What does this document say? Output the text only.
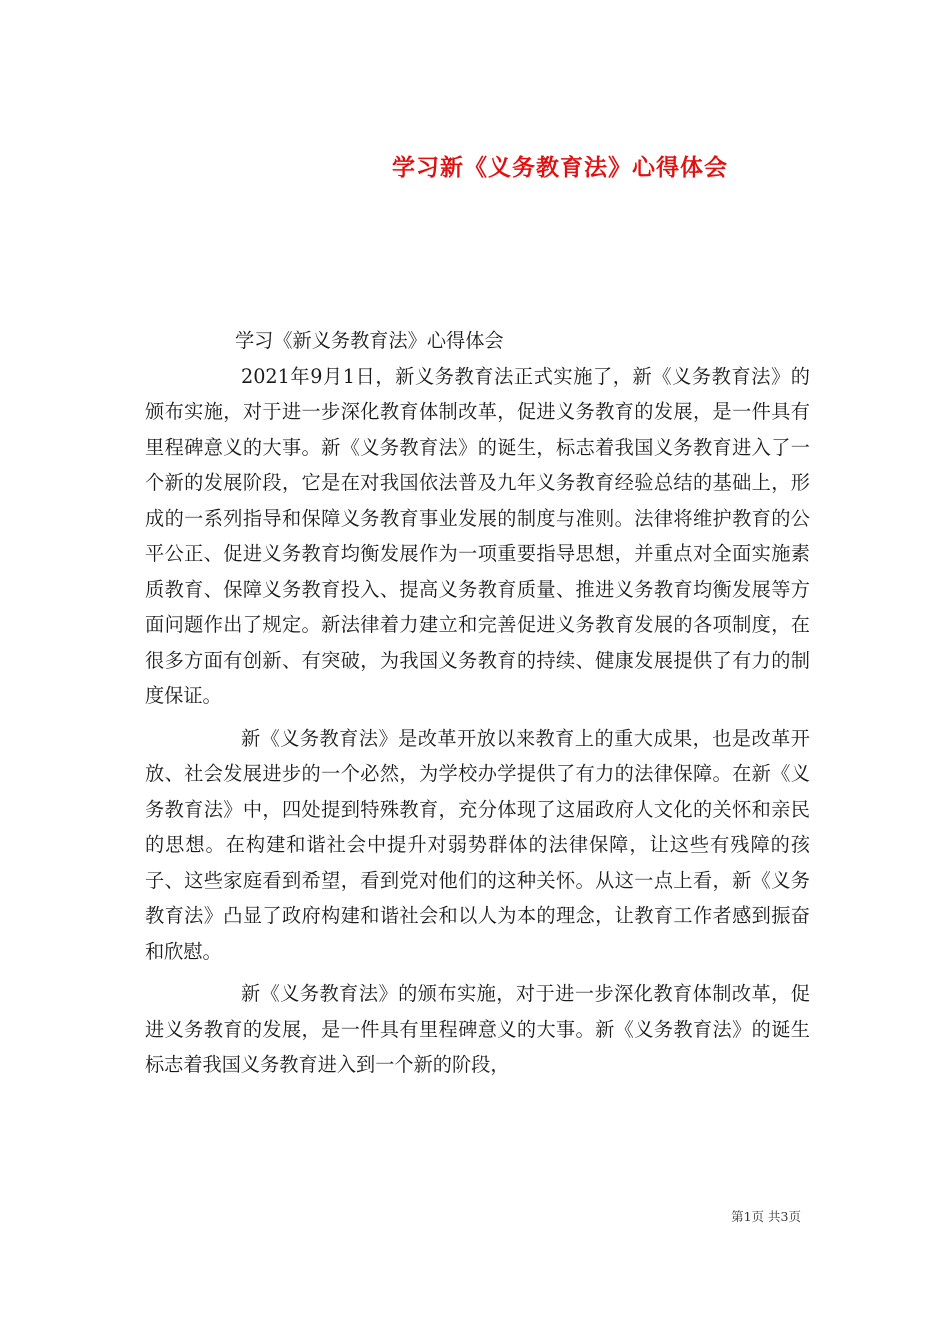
学习新《义务教育法》心得体会

学习《新义务教育法》心得体会

2021年9月1日，新义务教育法正式实施了，新《义务教育法》的颁布实施，对于进一步深化教育体制改革，促进义务教育的发展，是一件具有里程碑意义的大事。新《义务教育法》的诞生，标志着我国义务教育进入了一个新的发展阶段，它是在对我国依法普及九年义务教育经验总结的基础上，形成的一系列指导和保障义务教育事业发展的制度与准则。法律将维护教育的公平公正、促进义务教育均衡发展作为一项重要指导思想，并重点对全面实施素质教育、保障义务教育投入、提高义务教育质量、推进义务教育均衡发展等方面问题作出了规定。新法律着力建立和完善促进义务教育发展的各项制度，在很多方面有创新、有突破，为我国义务教育的持续、健康发展提供了有力的制度保证。

新《义务教育法》是改革开放以来教育上的重大成果，也是改革开放、社会发展进步的一个必然，为学校办学提供了有力的法律保障。在新《义务教育法》中，四处提到特殊教育，充分体现了这届政府人文化的关怀和亲民的思想。在构建和谐社会中提升对弱势群体的法律保障，让这些有残障的孩子、这些家庭看到希望，看到党对他们的这种关怀。从这一点上看，新《义务教育法》凸显了政府构建和谐社会和以人为本的理念，让教育工作者感到振奋和欣慰。

新《义务教育法》的颁布实施，对于进一步深化教育体制改革，促进义务教育的发展，是一件具有里程碑意义的大事。新《义务教育法》的诞生标志着我国义务教育进入到一个新的阶段，

第1页 共3页
